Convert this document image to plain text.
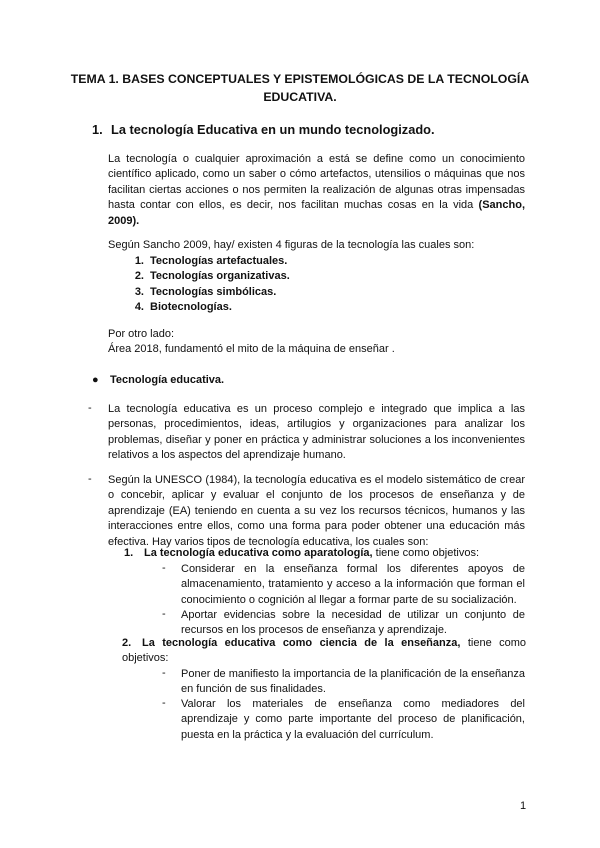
TEMA 1. BASES CONCEPTUALES Y EPISTEMOLÓGICAS DE LA TECNOLOGÍA EDUCATIVA.
1. La tecnología Educativa en un mundo tecnologizado.
La tecnología o cualquier aproximación a está se define como un conocimiento científico aplicado, como un saber o cómo artefactos, utensilios o máquinas que nos facilitan ciertas acciones o nos permiten la realización de algunas otras impensadas hasta contar con ellos, es decir, nos facilitan muchas cosas en la vida (Sancho, 2009).
Según Sancho 2009, hay/ existen 4 figuras de la tecnología las cuales son:
1. Tecnologías artefactuales.
2. Tecnologías organizativas.
3. Tecnologías simbólicas.
4. Biotecnologías.
Por otro lado:
Área 2018, fundamentó el mito de la máquina de enseñar .
● Tecnología educativa.
- La tecnología educativa es un proceso complejo e integrado que implica a las personas, procedimientos, ideas, artilugios y organizaciones para analizar los problemas, diseñar y poner en práctica y administrar soluciones a los inconvenientes relativos a los aspectos del aprendizaje humano.
- Según la UNESCO (1984), la tecnología educativa es el modelo sistemático de crear o concebir, aplicar y evaluar el conjunto de los procesos de enseñanza y de aprendizaje (EA) teniendo en cuenta a su vez los recursos técnicos, humanos y las interacciones entre ellos, como una forma para poder obtener una educación más efectiva. Hay varios tipos de tecnología educativa, los cuales son:
1. La tecnología educativa como aparatología, tiene como objetivos:
- Considerar en la enseñanza formal los diferentes apoyos de almacenamiento, tratamiento y acceso a la información que forman el conocimiento o cognición al llegar a formar parte de su socialización.
- Aportar evidencias sobre la necesidad de utilizar un conjunto de recursos en los procesos de enseñanza y aprendizaje.
2. La tecnología educativa como ciencia de la enseñanza, tiene como objetivos:
- Poner de manifiesto la importancia de la planificación de la enseñanza en función de sus finalidades.
- Valorar los materiales de enseñanza como mediadores del aprendizaje y como parte importante del proceso de planificación, puesta en la práctica y la evaluación del currículum.
1
